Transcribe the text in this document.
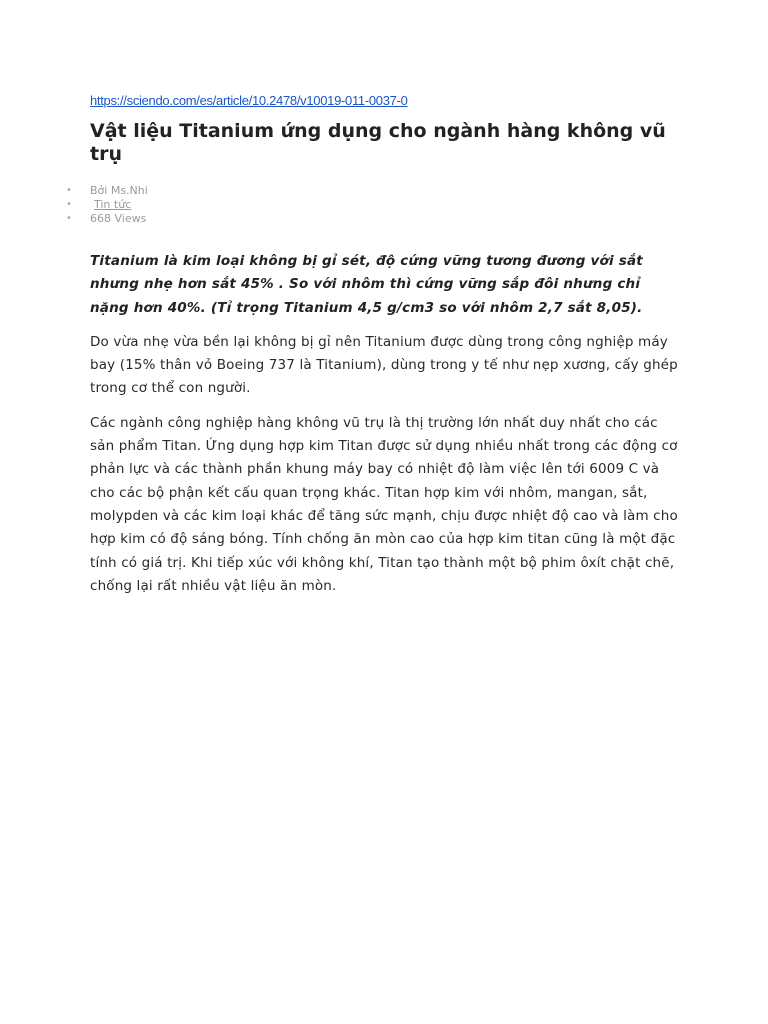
https://sciendo.com/es/article/10.2478/v10019-011-0037-0
Vật liệu Titanium ứng dụng cho ngành hàng không vũ trụ
• Bởi Ms.Nhi
• Tin tức
• 668 Views

Titanium là kim loại không bị gỉ sét, độ cứng vững tương đương với sắt nhưng nhẹ hơn sắt 45% . So với nhôm thì cứng vững sắp đôi nhưng chỉ nặng hơn 40%. (Tỉ trọng Titanium 4,5 g/cm3 so với nhôm 2,7 sắt 8,05).

Do vừa nhẹ vừa bền lại không bị gỉ nên Titanium được dùng trong công nghiệp máy bay (15% thân vỏ Boeing 737 là Titanium), dùng trong y tế như nẹp xương, cấy ghép trong cơ thể con người.

Các ngành công nghiệp hàng không vũ trụ là thị trường lớn nhất duy nhất cho các sản phẩm Titan. Ứng dụng hợp kim Titan được sử dụng nhiều nhất trong các động cơ phản lực và các thành phần khung máy bay có nhiệt độ làm việc lên tới 6009 C và cho các bộ phận kết cấu quan trọng khác. Titan hợp kim với nhôm, mangan, sắt, molypden và các kim loại khác để tăng sức mạnh, chịu được nhiệt độ cao và làm cho hợp kim có độ sáng bóng. Tính chống ăn mòn cao của hợp kim titan cũng là một đặc tính có giá trị. Khi tiếp xúc với không khí, Titan tạo thành một bộ phim ôxít chặt chẽ, chống lại rất nhiều vật liệu ăn mòn.
